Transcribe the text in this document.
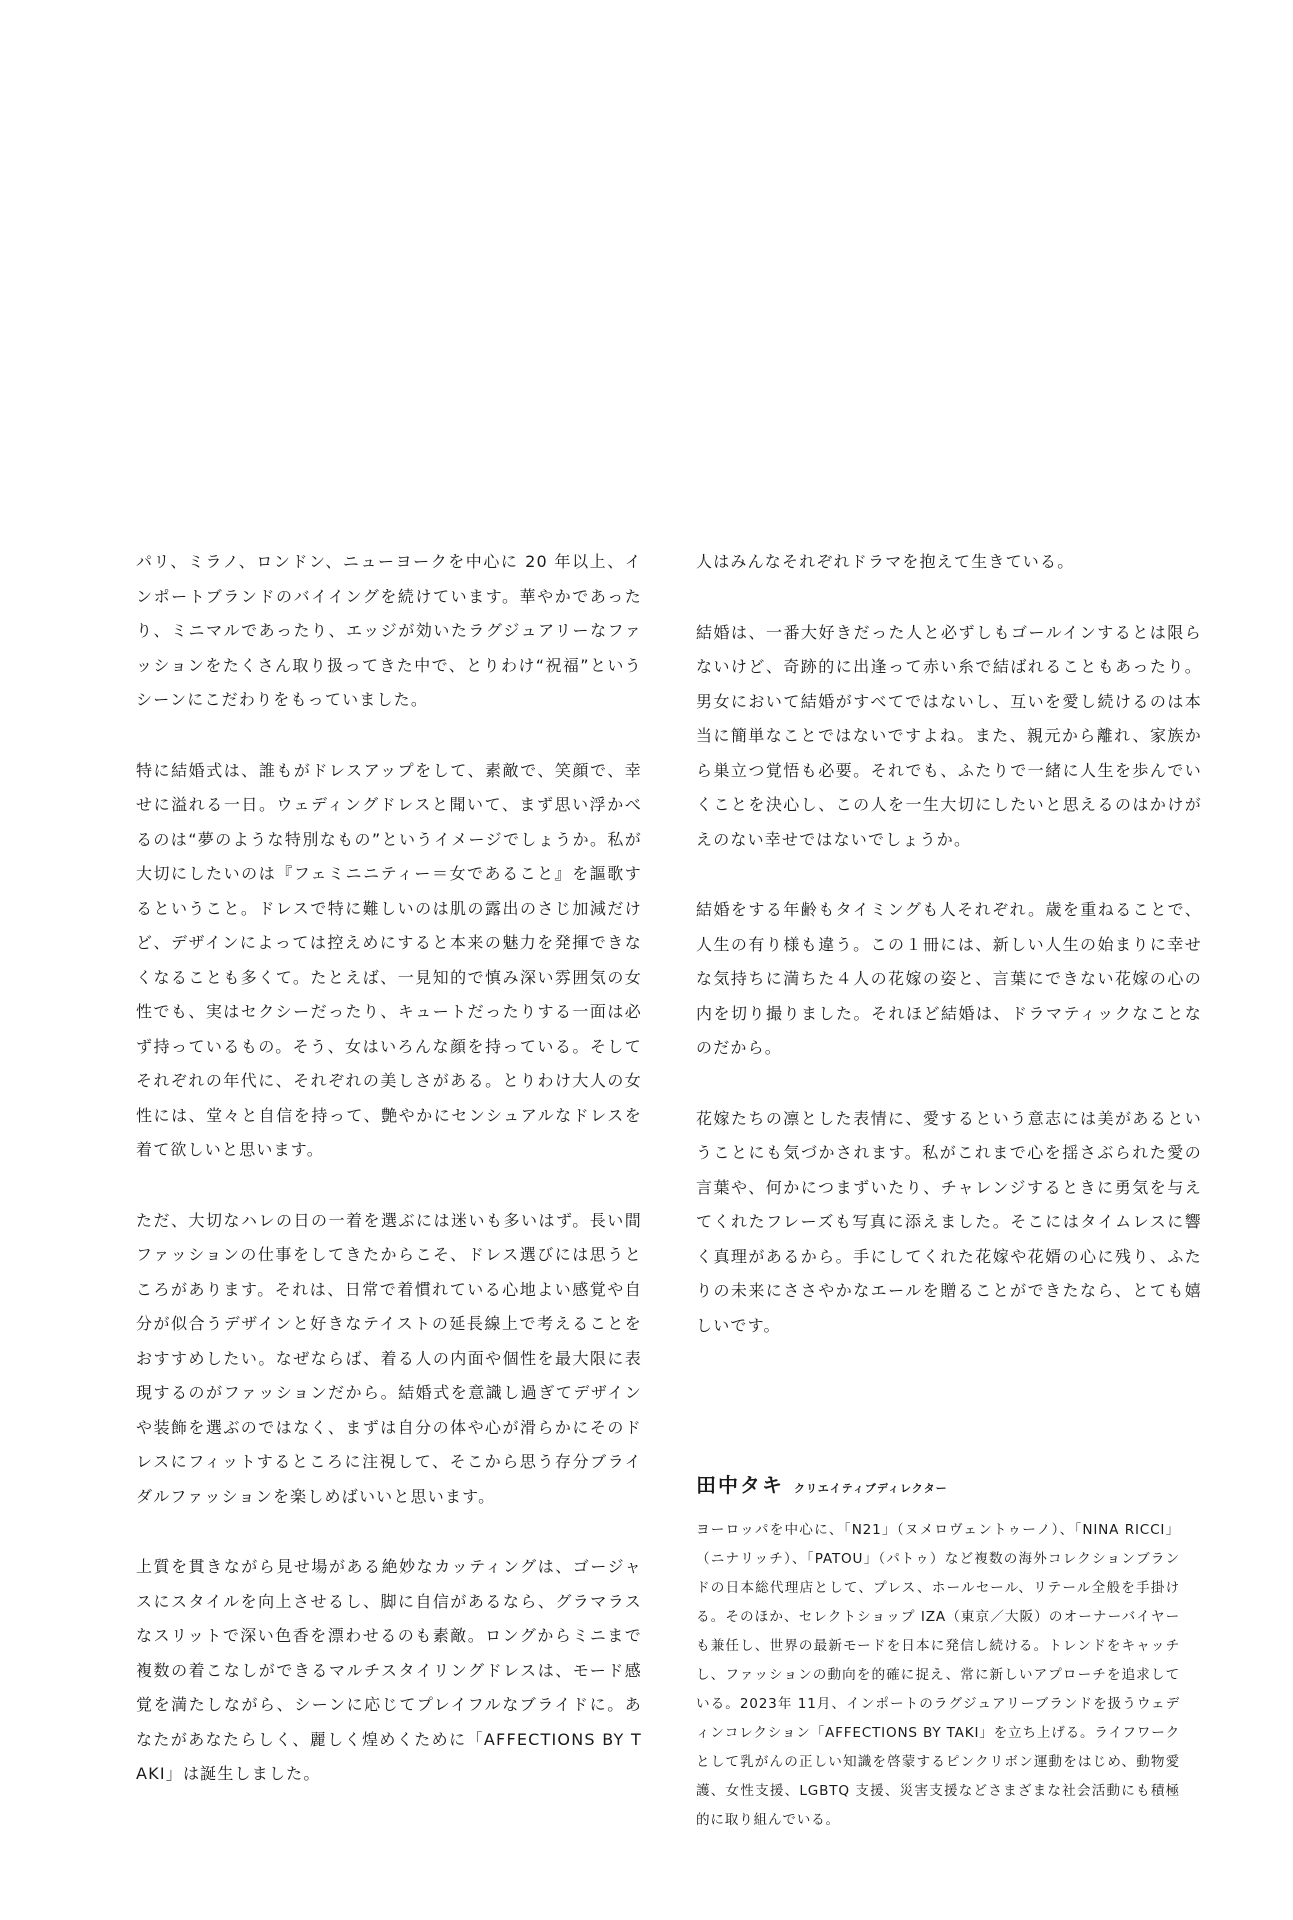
パリ、ミラノ、ロンドン、ニューヨークを中心に 20 年以上、インポートブランドのバイイングを続けています。華やかであったり、ミニマルであったり、エッジが効いたラグジュアリーなファッションをたくさん取り扱ってきた中で、とりわけ“祝福”というシーンにこだわりをもっていました。

特に結婚式は、誰もがドレスアップをして、素敵で、笑顔で、幸せに溢れる一日。ウェディングドレスと聞いて、まず思い浮かべるのは“夢のような特別なもの”というイメージでしょうか。私が大切にしたいのは『フェミニニティー＝女であること』を謳歌するということ。ドレスで特に難しいのは肌の露出のさじ加減だけど、デザインによっては控えめにすると本来の魅力を発揮できなくなることも多くて。たとえば、一見知的で慎み深い雰囲気の女性でも、実はセクシーだったり、キュートだったりする一面は必ず持っているもの。そう、女はいろんな顔を持っている。そしてそれぞれの年代に、それぞれの美しさがある。とりわけ大人の女性には、堂々と自信を持って、艶やかにセンシュアルなドレスを着て欲しいと思います。

ただ、大切なハレの日の一着を選ぶには迷いも多いはず。長い間ファッションの仕事をしてきたからこそ、ドレス選びには思うところがあります。それは、日常で着慣れている心地よい感覚や自分が似合うデザインと好きなテイストの延長線上で考えることをおすすめしたい。なぜならば、着る人の内面や個性を最大限に表現するのがファッションだから。結婚式を意識し過ぎてデザインや装飾を選ぶのではなく、まずは自分の体や心が滑らかにそのドレスにフィットするところに注視して、そこから思う存分ブライダルファッションを楽しめばいいと思います。

上質を貫きながら見せ場がある絶妙なカッティングは、ゴージャスにスタイルを向上させるし、脚に自信があるなら、グラマラスなスリットで深い色香を漂わせるのも素敵。ロングからミニまで複数の着こなしができるマルチスタイリングドレスは、モード感覚を満たしながら、シーンに応じてプレイフルなブライドに。あなたがあなたらしく、麗しく煌めくために「AFFECTIONS BY TAKI」は誕生しました。

人はみんなそれぞれドラマを抱えて生きている。

結婚は、一番大好きだった人と必ずしもゴールインするとは限らないけど、奇跡的に出逢って赤い糸で結ばれることもあったり。男女において結婚がすべてではないし、互いを愛し続けるのは本当に簡単なことではないですよね。また、親元から離れ、家族から巣立つ覚悟も必要。それでも、ふたりで一緒に人生を歩んでいくことを決心し、この人を一生大切にしたいと思えるのはかけがえのない幸せではないでしょうか。

結婚をする年齢もタイミングも人それぞれ。歳を重ねることで、人生の有り様も違う。この１冊には、新しい人生の始まりに幸せな気持ちに満ちた４人の花嫁の姿と、言葉にできない花嫁の心の内を切り撮りました。それほど結婚は、ドラマティックなことなのだから。

花嫁たちの凛とした表情に、愛するという意志には美があるということにも気づかされます。私がこれまで心を揺さぶられた愛の言葉や、何かにつまずいたり、チャレンジするときに勇気を与えてくれたフレーズも写真に添えました。そこにはタイムレスに響く真理があるから。手にしてくれた花嫁や花婿の心に残り、ふたりの未来にささやかなエールを贈ることができたなら、とても嬉しいです。

田中タキ クリエイティブディレクター

ヨーロッパを中心に、「N21」（ヌメロヴェントゥーノ）、「NINA RICCI」（ニナリッチ）、「PATOU」（パトゥ）など複数の海外コレクションブランドの日本総代理店として、プレス、ホールセール、リテール全般を手掛ける。そのほか、セレクトショップ IZA（東京／大阪）のオーナーバイヤーも兼任し、世界の最新モードを日本に発信し続ける。トレンドをキャッチし、ファッションの動向を的確に捉え、常に新しいアプローチを追求している。2023年 11月、インポートのラグジュアリーブランドを扱うウェディンコレクション「AFFECTIONS BY TAKI」を立ち上げる。ライフワークとして乳がんの正しい知識を啓蒙するピンクリボン運動をはじめ、動物愛護、女性支援、LGBTQ 支援、災害支援などさまざまな社会活動にも積極的に取り組んでいる。
